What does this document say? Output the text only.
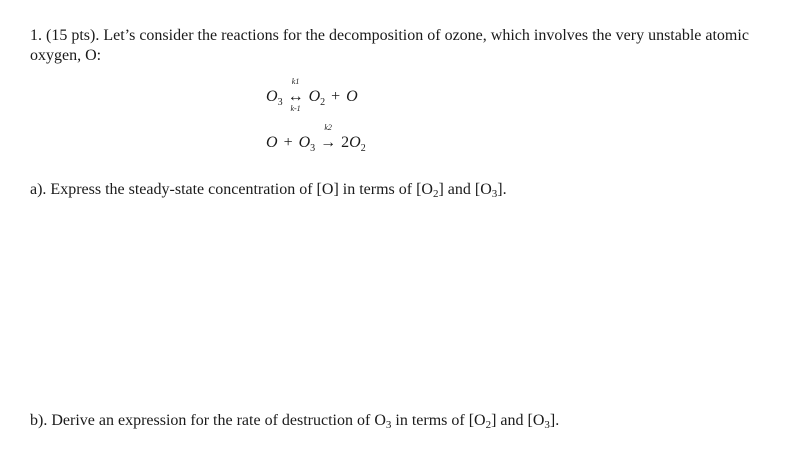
1. (15 pts). Let’s consider the reactions for the decomposition of ozone, which involves the very unstable atomic oxygen, O:

$O_3$
k1
↔
k-1
$O_2 + O$
$O + O_3$
k2
→ $2O_2$

a). Express the steady-state concentration of [O] in terms of [O2] and [O3].

b). Derive an expression for the rate of destruction of O3 in terms of [O2] and [O3].
